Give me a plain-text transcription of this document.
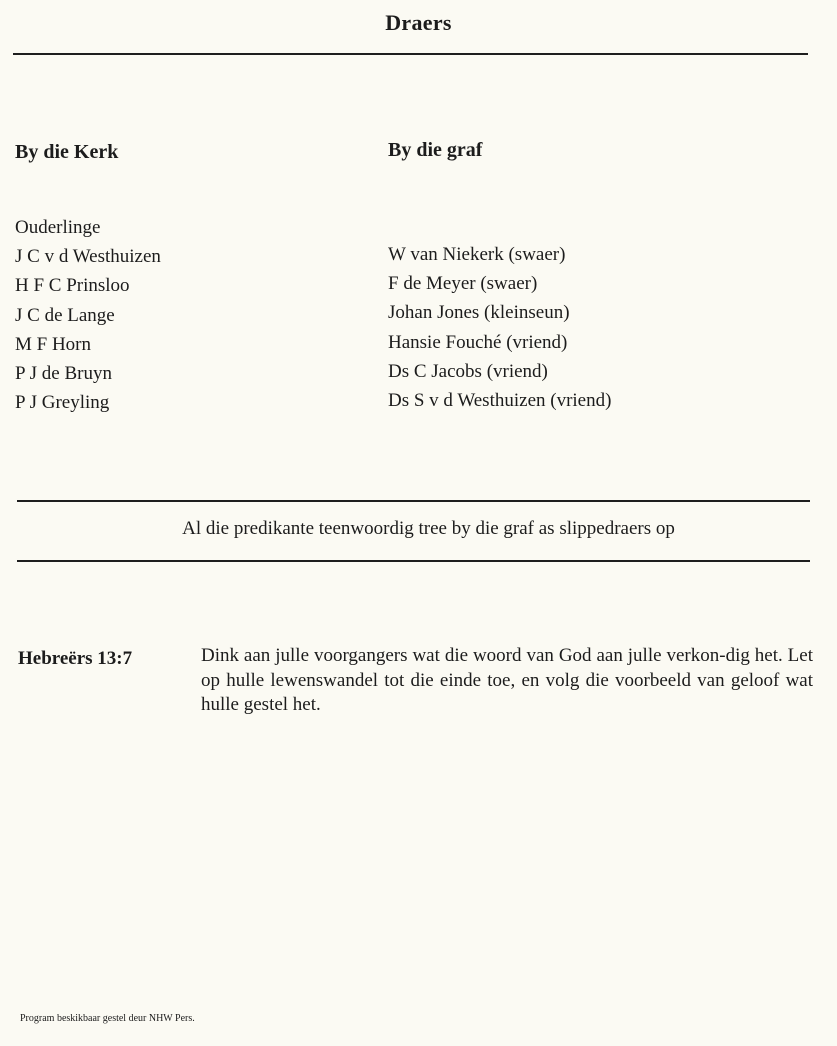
Draers
By die Kerk
Ouderlinge
J C v d Westhuizen
H F C Prinsloo
J C de Lange
M F Horn
P J de Bruyn
P J Greyling
By die graf
W van Niekerk (swaer)
F de Meyer (swaer)
Johan Jones (kleinseun)
Hansie Fouché (vriend)
Ds C Jacobs (vriend)
Ds S v d Westhuizen (vriend)
Al die predikante teenwoordig tree by die graf as slippedraers op
Hebreërs 13:7	Dink aan julle voorgangers wat die woord van God aan julle verkon-dig het. Let op hulle lewenswandel tot die einde toe, en volg die voorbeeld van geloof wat hulle gestel het.

Program beskikbaar gestel deur NHW Pers.
